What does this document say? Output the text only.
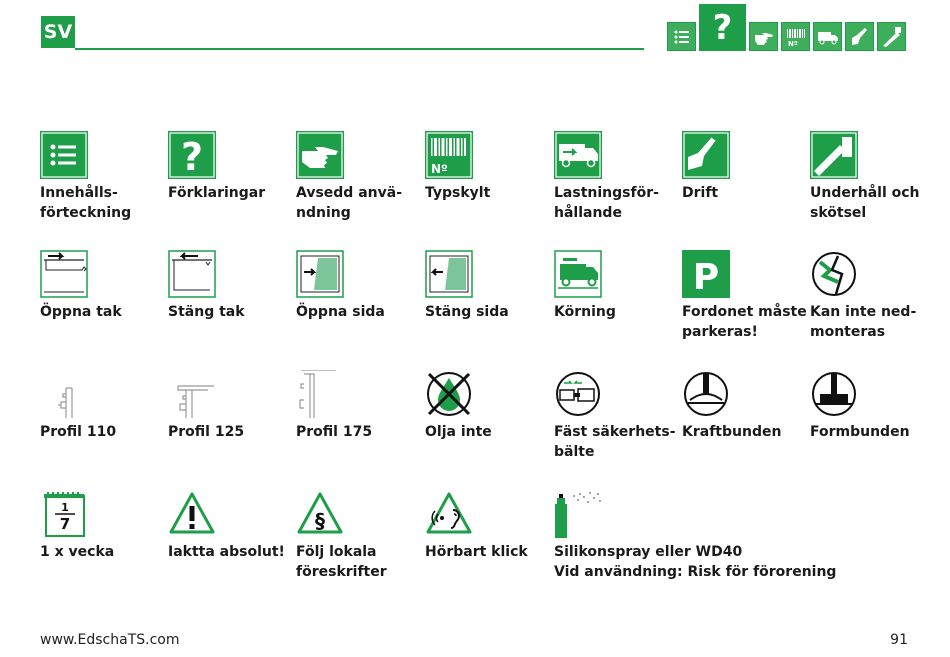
SV	?	Nº
Innehålls-
förteckning
?
Förklaringar	Avsedd anvä-
ndning
Nº
Typskylt	Lastningsför-
hållande
Drift	Underhåll och
skötsel
Öppna tak	Stäng tak	Öppna sida	Stäng sida	Körning
P
Fordonet måste
parkeras!
Kan inte ned-
monteras
Profil 110	Profil 125	Profil 175	Olja inte	Fäst säkerhets-
bälte
Kraftbunden	Formbunden
1
7
1 x vecka	Iaktta absolut!
§
Följ lokala
föreskrifter
Hörbart klick	Silikonspray eller WD40
Vid användning: Risk för förorening
www.EdschaTS.com	91
